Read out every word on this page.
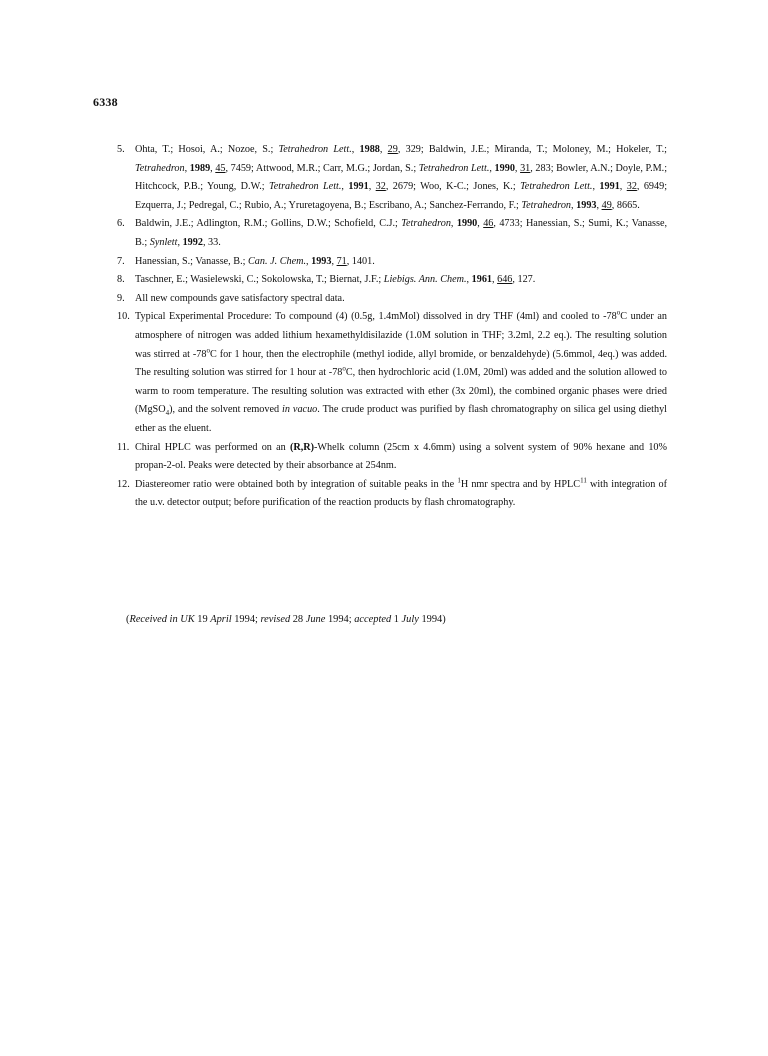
6338
5.	Ohta, T.; Hosoi, A.; Nozoe, S.; Tetrahedron Lett., 1988, 29, 329; Baldwin, J.E.; Miranda, T.; Moloney, M.; Hokeler, T.; Tetrahedron, 1989, 45, 7459; Attwood, M.R.; Carr, M.G.; Jordan, S.; Tetrahedron Lett., 1990, 31, 283; Bowler, A.N.; Doyle, P.M.; Hitchcock, P.B.; Young, D.W.; Tetrahedron Lett., 1991, 32, 2679; Woo, K-C.; Jones, K.; Tetrahedron Lett., 1991, 32, 6949; Ezquerra, J.; Pedregal, C.; Rubio, A.; Yruretagoyena, B.; Escribano, A.; Sanchez-Ferrando, F.; Tetrahedron, 1993, 49, 8665.
6.	Baldwin, J.E.; Adlington, R.M.; Gollins, D.W.; Schofield, C.J.; Tetrahedron, 1990, 46, 4733; Hanessian, S.; Sumi, K.; Vanasse, B.; Synlett, 1992, 33.
7.	Hanessian, S.; Vanasse, B.; Can. J. Chem., 1993, 71, 1401.
8.	Taschner, E.; Wasielewski, C.; Sokolowska, T.; Biernat, J.F.; Liebigs. Ann. Chem., 1961, 646, 127.
9.	All new compounds gave satisfactory spectral data.
10. Typical Experimental Procedure: To compound (4) (0.5g, 1.4mMol) dissolved in dry THF (4ml) and cooled to -78$^o$C under an atmosphere of nitrogen was added lithium hexamethyldisilazide (1.0M solution in THF; 3.2ml, 2.2 eq.). The resulting solution was stirred at -78$^o$C for 1 hour, then the electrophile (methyl iodide, allyl bromide, or benzaldehyde) (5.6mmol, 4eq.) was added. The resulting solution was stirred for 1 hour at -78$^o$C, then hydrochloric acid (1.0M, 20ml) was added and the solution allowed to warm to room temperature. The resulting solution was extracted with ether (3x 20ml), the combined organic phases were dried (MgSO$_4$), and the solvent removed in vacuo. The crude product was purified by flash chromatography on silica gel using diethyl ether as the eluent.
11. Chiral HPLC was performed on an (R,R)-Whelk column (25cm x 4.6mm) using a solvent system of 90% hexane and 10% propan-2-ol. Peaks were detected by their absorbance at 254nm.
12. Diastereomer ratio were obtained both by integration of suitable peaks in the $^1$H nmr spectra and by HPLC$^{11}$ with integration of the u.v. detector output; before purification of the reaction products by flash chromatography.
(Received in UK 19 April 1994; revised 28 June 1994; accepted 1 July 1994)
